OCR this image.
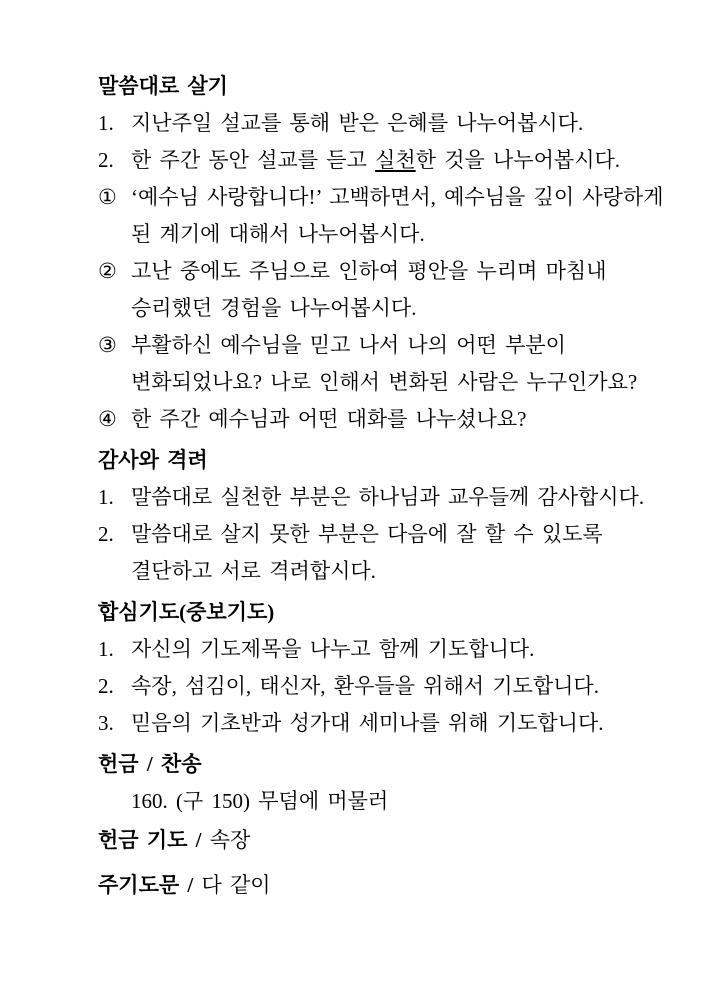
말씀대로 살기
1. 지난주일 설교를 통해 받은 은혜를 나누어봅시다.
2. 한 주간 동안 설교를 듣고 실천한 것을 나누어봅시다.
① ‘예수님 사랑합니다!’ 고백하면서, 예수님을 깊이 사랑하게
된 계기에 대해서 나누어봅시다.
② 고난 중에도 주님으로 인하여 평안을 누리며 마침내
승리했던 경험을 나누어봅시다.
③ 부활하신 예수님을 믿고 나서 나의 어떤 부분이
변화되었나요? 나로 인해서 변화된 사람은 누구인가요?
④ 한 주간 예수님과 어떤 대화를 나누셨나요?
감사와 격려
1. 말씀대로 실천한 부분은 하나님과 교우들께 감사합시다.
2. 말씀대로 살지 못한 부분은 다음에 잘 할 수 있도록
결단하고 서로 격려합시다.
합심기도(중보기도)
1. 자신의 기도제목을 나누고 함께 기도합니다.
2. 속장, 섬김이, 태신자, 환우들을 위해서 기도합니다.
3. 믿음의 기초반과 성가대 세미나를 위해 기도합니다.
헌금 / 찬송
160. (구 150) 무덤에 머물러
헌금 기도 / 속장
주기도문 / 다 같이
